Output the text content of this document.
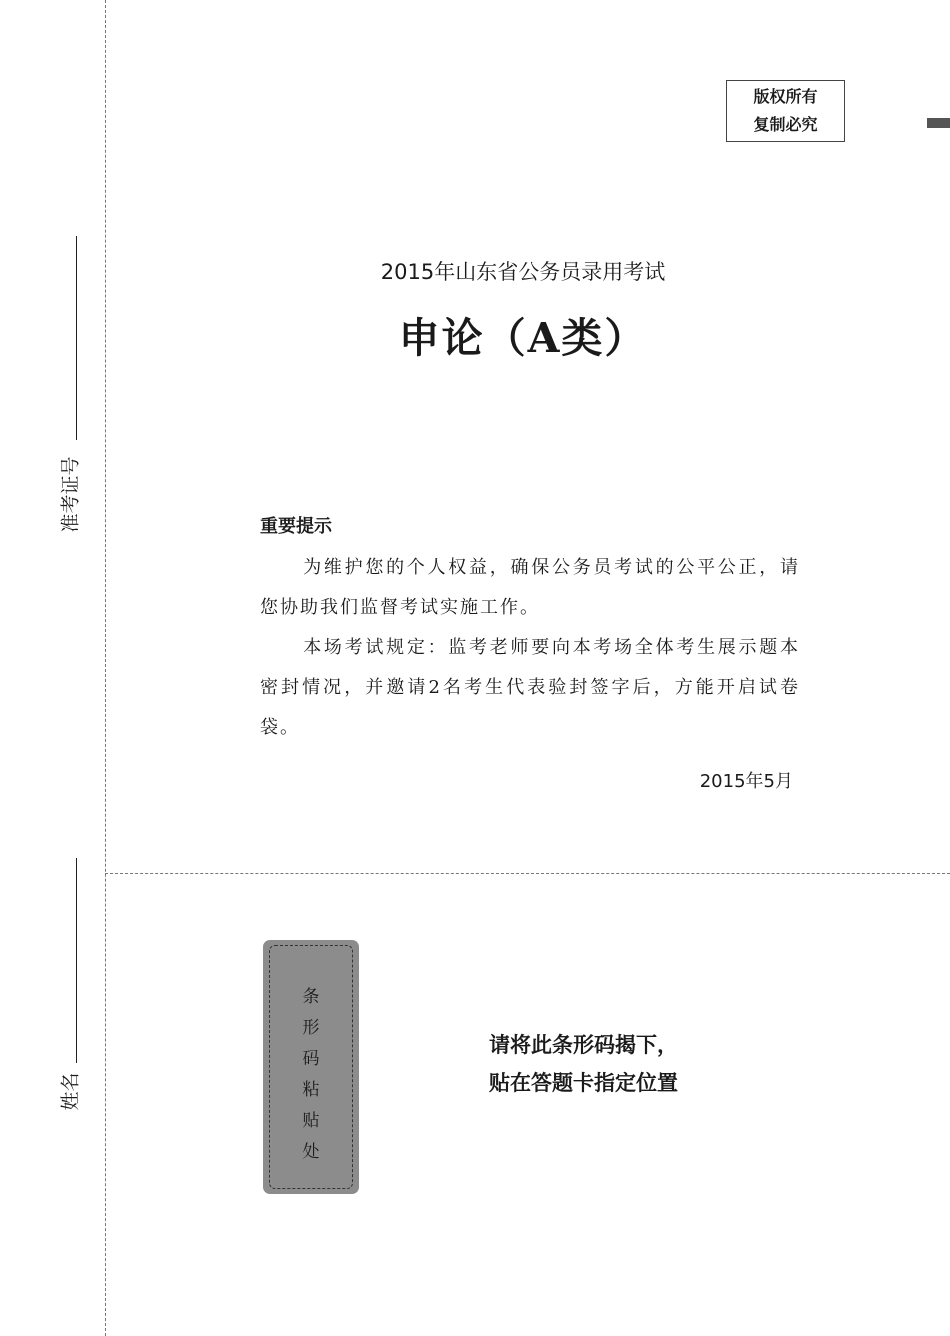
版权所有
复制必究
准考证号
姓名
2015年山东省公务员录用考试
申论（A类）
重要提示

为维护您的个人权益，确保公务员考试的公平公正，请您协助我们监督考试实施工作。

本场考试规定：监考老师要向本考场全体考生展示题本密封情况，并邀请2名考生代表验封签字后，方能开启试卷袋。

2015年5月
条
形
码
粘
贴
处
请将此条形码揭下，
贴在答题卡指定位置
